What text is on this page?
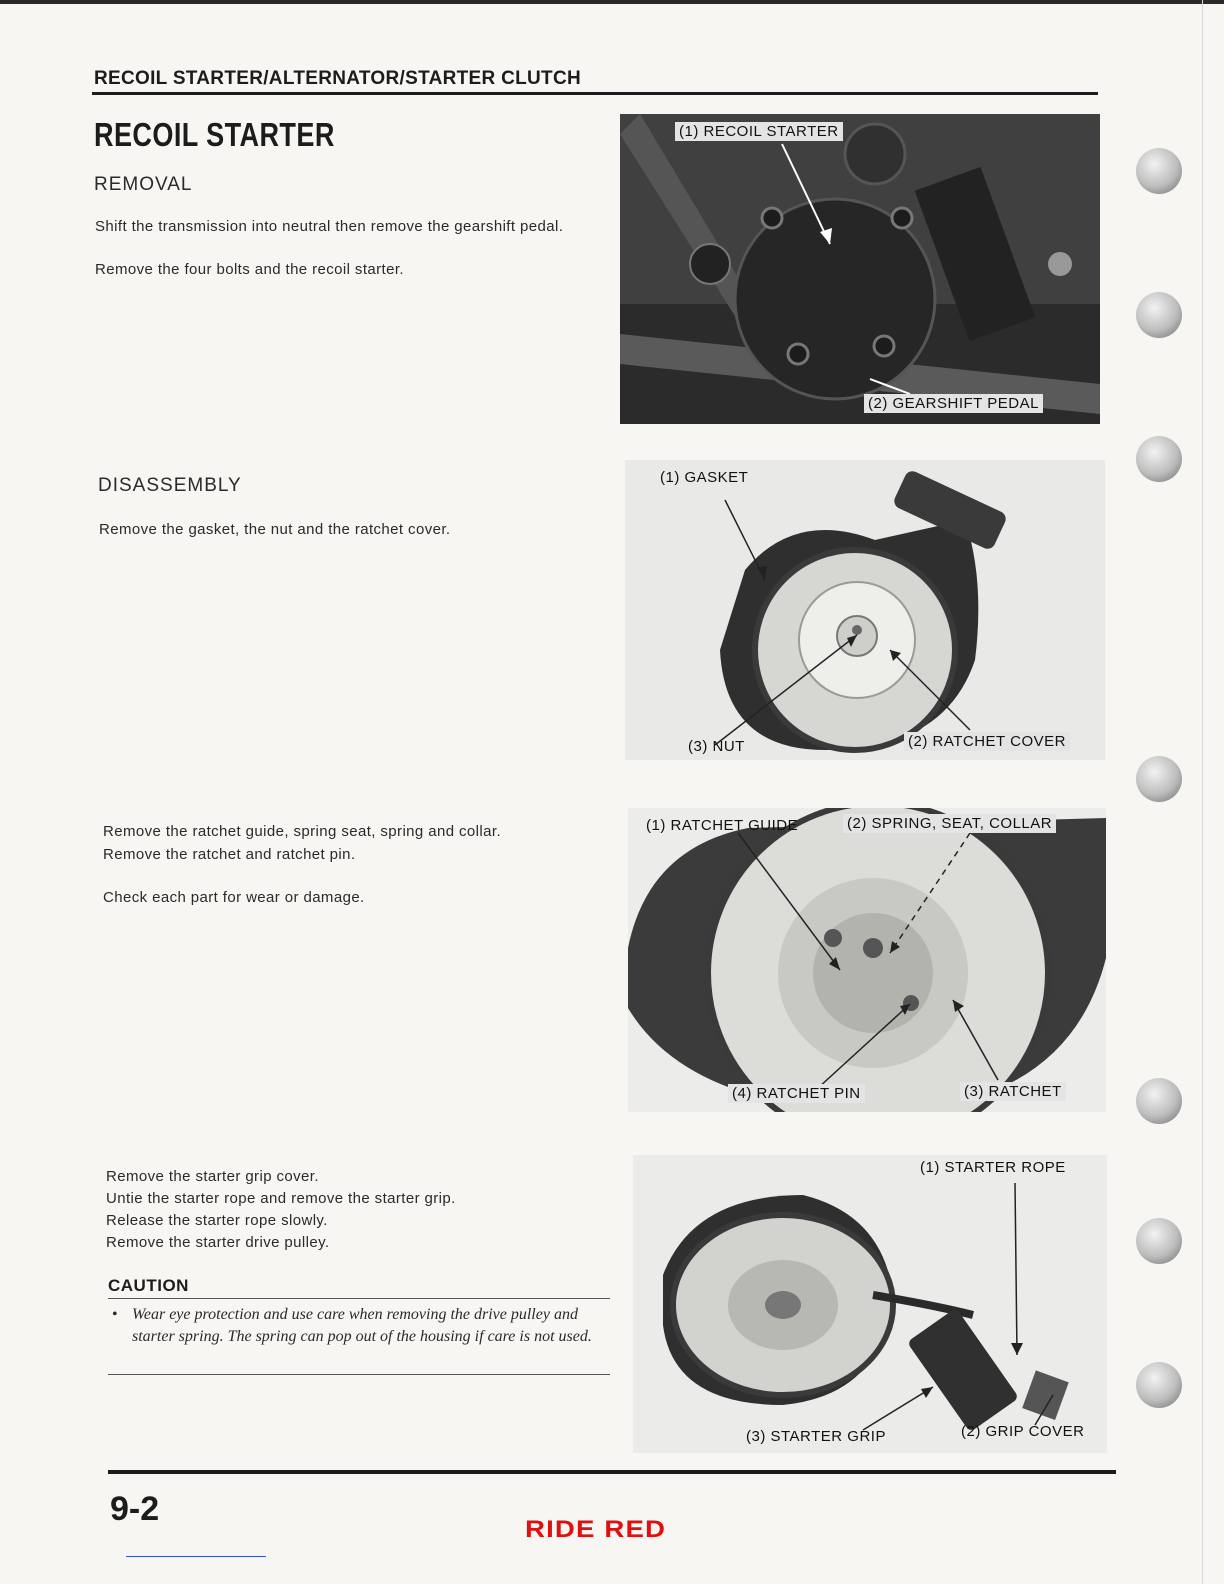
RECOIL STARTER/ALTERNATOR/STARTER CLUTCH
RECOIL STARTER
REMOVAL

Shift the transmission into neutral then remove the gearshift pedal.

Remove the four bolts and the recoil starter.

(1) RECOIL STARTER
(2) GEARSHIFT PEDAL
DISASSEMBLY
Remove the gasket, the nut and the ratchet cover.
(1) GASKET
(2) RATCHET COVER
(3) NUT

Remove the ratchet guide, spring seat, spring and collar.

Remove the ratchet and ratchet pin.

Check each part for wear or damage.

(1) RATCHET GUIDE	(2) SPRING, SEAT, COLLAR
(3) RATCHET
(4) RATCHET PIN

Remove the starter grip cover.

Untie the starter rope and remove the starter grip.

Release the starter rope slowly.

Remove the starter drive pulley.

CAUTION
• Wear eye protection and use care when removing the drive pulley and starter spring. The spring can pop out of the housing if care is not used.
(1) STARTER ROPE
(2) GRIP COVER
(3) STARTER GRIP
9-2
RIDE RED
